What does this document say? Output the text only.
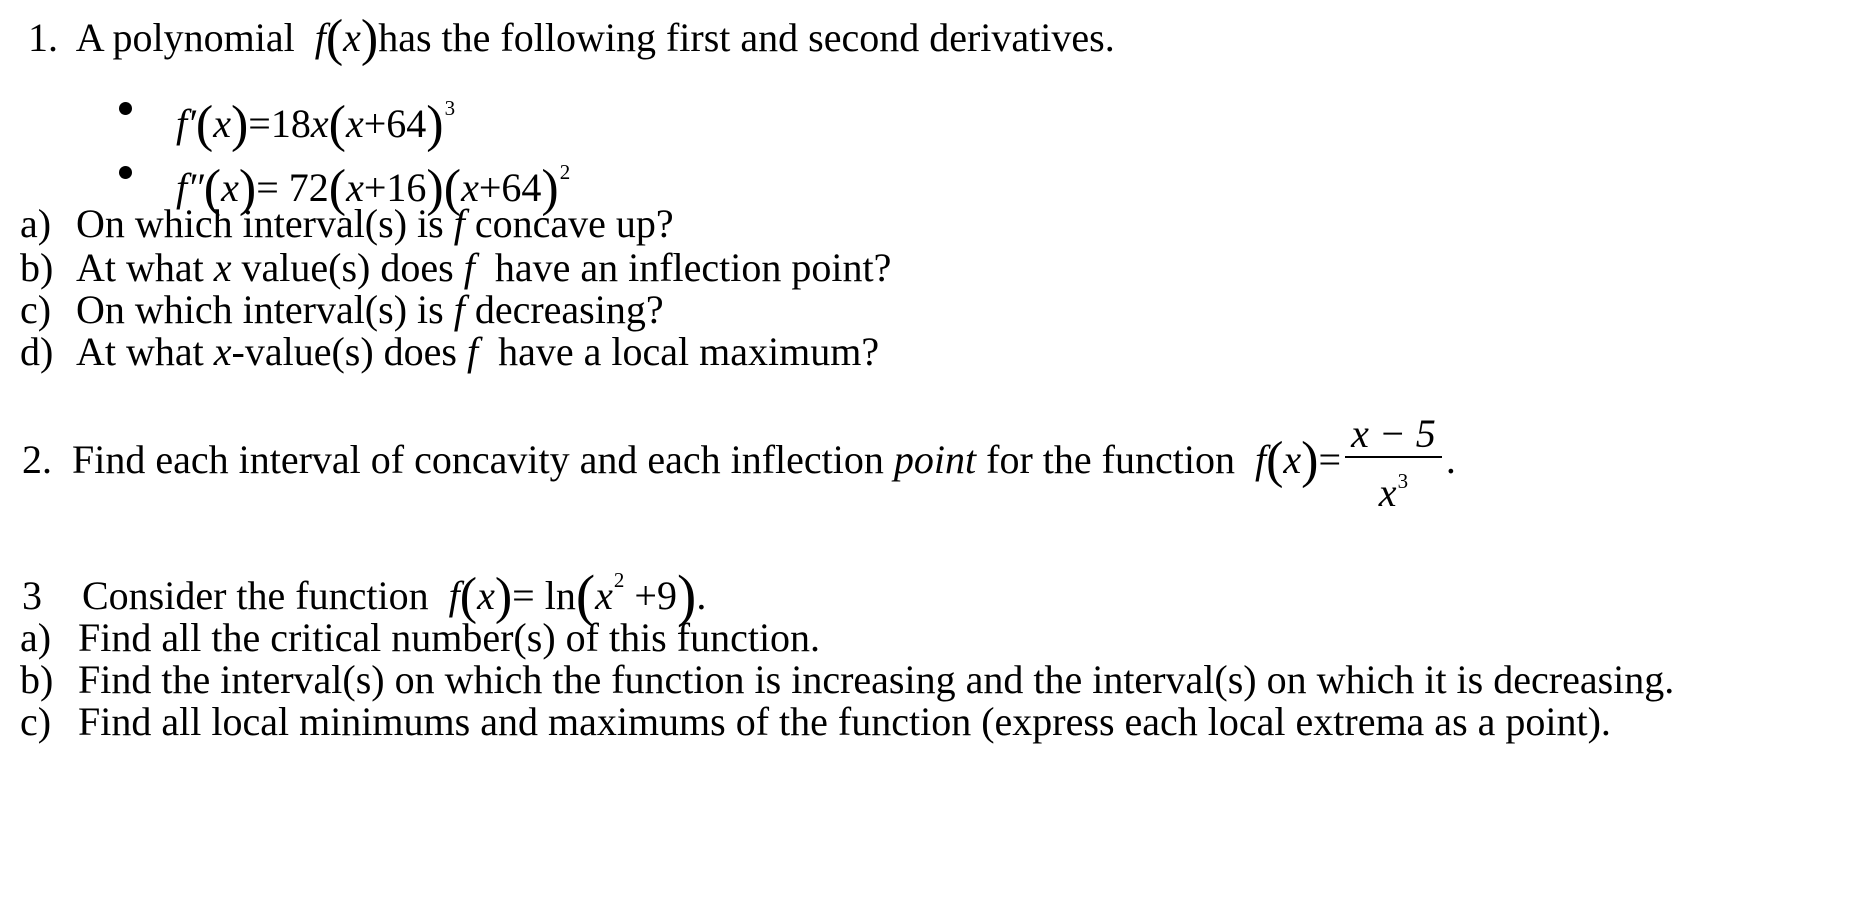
1. A polynomial f(x)has the following first and second derivatives.
$f'(x)=18x(x+64)^3$
$f''(x)= 72(x+16)(x+64)^2$
a) On which interval(s) is f concave up?
b) At what x value(s) does f have an inflection point?
c) On which interval(s) is f decreasing?
d) At what x-value(s) does f have a local maximum?
2. Find each interval of concavity and each inflection point for the function $f(x)= \frac{x - 5}{x^3}$ .
3 Consider the function $f(x)= \ln(x^2 +9)$.
a) Find all the critical number(s) of this function.
b) Find the interval(s) on which the function is increasing and the interval(s) on which it is decreasing.
c) Find all local minimums and maximums of the function (express each local extrema as a point).
